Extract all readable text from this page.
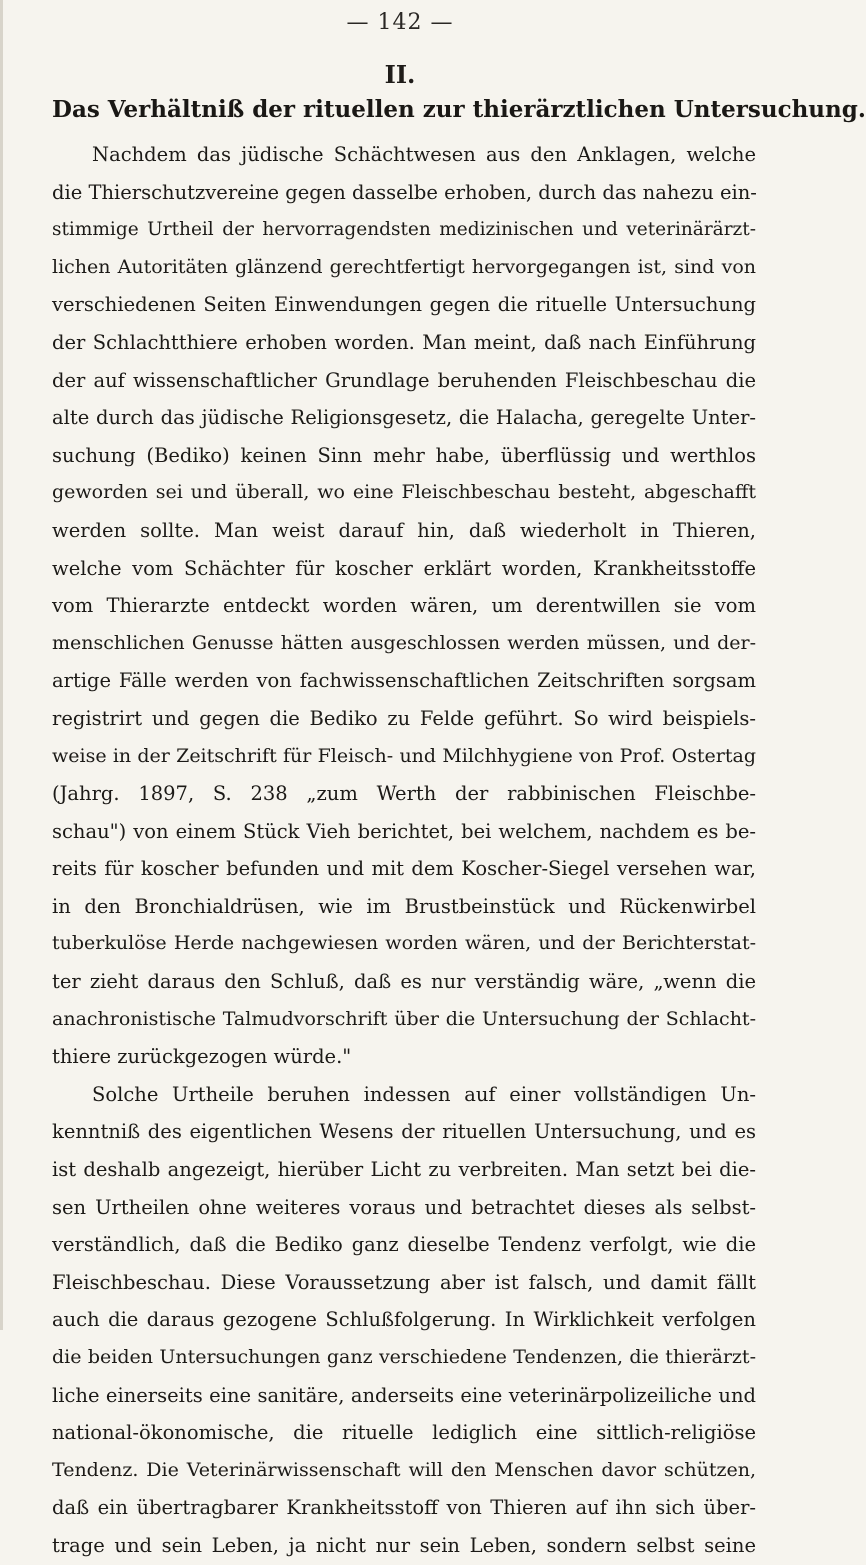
— 142 —
II.
Das Verhältniß der rituellen zur thierärztlichen Untersuchung.
Nachdem das jüdische Schächtwesen aus den Anklagen, welche
die Thierschutzvereine gegen dasselbe erhoben, durch das nahezu ein-
stimmige Urtheil der hervorragendsten medizinischen und veterinärärzt-
lichen Autoritäten glänzend gerechtfertigt hervorgegangen ist, sind von
verschiedenen Seiten Einwendungen gegen die rituelle Untersuchung
der Schlachtthiere erhoben worden. Man meint, daß nach Einführung
der auf wissenschaftlicher Grundlage beruhenden Fleischbeschau die
alte durch das jüdische Religionsgesetz, die Halacha, geregelte Unter-
suchung (Bediko) keinen Sinn mehr habe, überflüssig und werthlos
geworden sei und überall, wo eine Fleischbeschau besteht, abgeschafft
werden sollte. Man weist darauf hin, daß wiederholt in Thieren,
welche vom Schächter für koscher erklärt worden, Krankheitsstoffe
vom Thierarzte entdeckt worden wären, um derentwillen sie vom
menschlichen Genusse hätten ausgeschlossen werden müssen, und der-
artige Fälle werden von fachwissenschaftlichen Zeitschriften sorgsam
registrirt und gegen die Bediko zu Felde geführt. So wird beispiels-
weise in der Zeitschrift für Fleisch- und Milchhygiene von Prof. Ostertag
(Jahrg. 1897, S. 238 „zum Werth der rabbinischen Fleischbe-
schau") von einem Stück Vieh berichtet, bei welchem, nachdem es be-
reits für koscher befunden und mit dem Koscher-Siegel versehen war,
in den Bronchialdrüsen, wie im Brustbeinstück und Rückenwirbel
tuberkulöse Herde nachgewiesen worden wären, und der Berichterstat-
ter zieht daraus den Schluß, daß es nur verständig wäre, „wenn die
anachronistische Talmudvorschrift über die Untersuchung der Schlacht-
thiere zurückgezogen würde."
Solche Urtheile beruhen indessen auf einer vollständigen Un-
kenntniß des eigentlichen Wesens der rituellen Untersuchung, und es
ist deshalb angezeigt, hierüber Licht zu verbreiten. Man setzt bei die-
sen Urtheilen ohne weiteres voraus und betrachtet dieses als selbst-
verständlich, daß die Bediko ganz dieselbe Tendenz verfolgt, wie die
Fleischbeschau. Diese Voraussetzung aber ist falsch, und damit fällt
auch die daraus gezogene Schlußfolgerung. In Wirklichkeit verfolgen
die beiden Untersuchungen ganz verschiedene Tendenzen, die thierärzt-
liche einerseits eine sanitäre, anderseits eine veterinärpolizeiliche und
national-ökonomische, die rituelle lediglich eine sittlich-religiöse
Tendenz. Die Veterinärwissenschaft will den Menschen davor schützen,
daß ein übertragbarer Krankheitsstoff von Thieren auf ihn sich über-
trage und sein Leben, ja nicht nur sein Leben, sondern selbst seine
